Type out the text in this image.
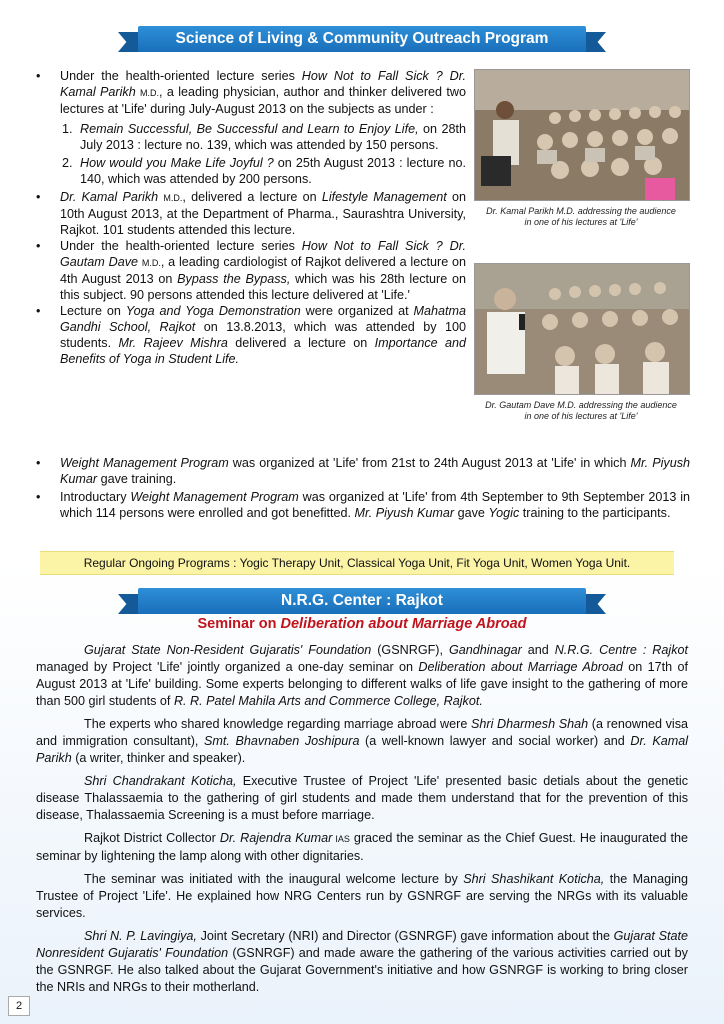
Science of Living & Community Outreach Program
• Under the health-oriented lecture series How Not to Fall Sick ? Dr. Kamal Parikh M.D., a leading physician, author and thinker delivered two lectures at 'Life' during July-August 2013 on the subjects as under :
1. Remain Successful, Be Successful and Learn to Enjoy Life, on 28th July 2013 : lecture no. 139, which was attended by 150 persons.
2. How would you Make Life Joyful ? on 25th August 2013 : lecture no. 140, which was attended by 200 persons.
• Dr. Kamal Parikh M.D., delivered a lecture on Lifestyle Management on 10th August 2013, at the Department of Pharma., Saurashtra University, Rajkot. 101 students attended this lecture.
• Under the health-oriented lecture series How Not to Fall Sick ? Dr. Gautam Dave M.D., a leading cardiologist of Rajkot delivered a lecture on 4th August 2013 on Bypass the Bypass, which was his 28th lecture on this subject. 90 persons attended this lecture delivered at 'Life.'
• Lecture on Yoga and Yoga Demonstration were organized at Mahatma Gandhi School, Rajkot on 13.8.2013, which was attended by 100 students. Mr. Rajeev Mishra delivered a lecture on Importance and Benefits of Yoga in Student Life.
• Weight Management Program was organized at 'Life' from 21st to 24th August 2013 at 'Life' in which Mr. Piyush Kumar gave training.
• Introductary Weight Management Program was organized at 'Life' from 4th September to 9th September 2013 in which 114 persons were enrolled and got benefitted. Mr. Piyush Kumar gave Yogic training to the participants.
Dr. Kamal Parikh M.D. addressing the audience
in one of his lectures at 'Life'
Dr. Gautam Dave M.D. addressing the audience
in one of his lectures at 'Life'
Regular Ongoing Programs : Yogic Therapy Unit, Classical Yoga Unit, Fit Yoga Unit, Women Yoga Unit.
N.R.G. Center : Rajkot
Seminar on Deliberation about Marriage Abroad

Gujarat State Non-Resident Gujaratis' Foundation (GSNRGF), Gandhinagar and N.R.G. Centre : Rajkot managed by Project 'Life' jointly organized a one-day seminar on Deliberation about Marriage Abroad on 17th of August 2013 at 'Life' building. Some experts belonging to different walks of life gave insight to the gathering of more than 500 girl students of R. R. Patel Mahila Arts and Commerce College, Rajkot.

The experts who shared knowledge regarding marriage abroad were Shri Dharmesh Shah (a renowned visa and immigration consultant), Smt. Bhavnaben Joshipura (a well-known lawyer and social worker) and Dr. Kamal Parikh (a writer, thinker and speaker).

Shri Chandrakant Koticha, Executive Trustee of Project 'Life' presented basic detials about the genetic disease Thalassaemia to the gathering of girl students and made them understand that for the prevention of this disease, Thalassaemia Screening is a must before marriage.

Rajkot District Collector Dr. Rajendra Kumar IAS graced the seminar as the Chief Guest. He inaugurated the seminar by lightening the lamp along with other dignitaries.

The seminar was initiated with the inaugural welcome lecture by Shri Shashikant Koticha, the Managing Trustee of Project 'Life'. He explained how NRG Centers run by GSNRGF are serving the NRGs with its valuable services.

Shri N. P. Lavingiya, Joint Secretary (NRI) and Director (GSNRGF) gave information about the Gujarat State Nonresident Gujaratis' Foundation (GSNRGF) and made aware the gathering of the various activities carried out by the GSNRGF. He also talked about the Gujarat Government's initiative and how GSNRGF is working to bring closer the NRIs and NRGs to their motherland.

2
